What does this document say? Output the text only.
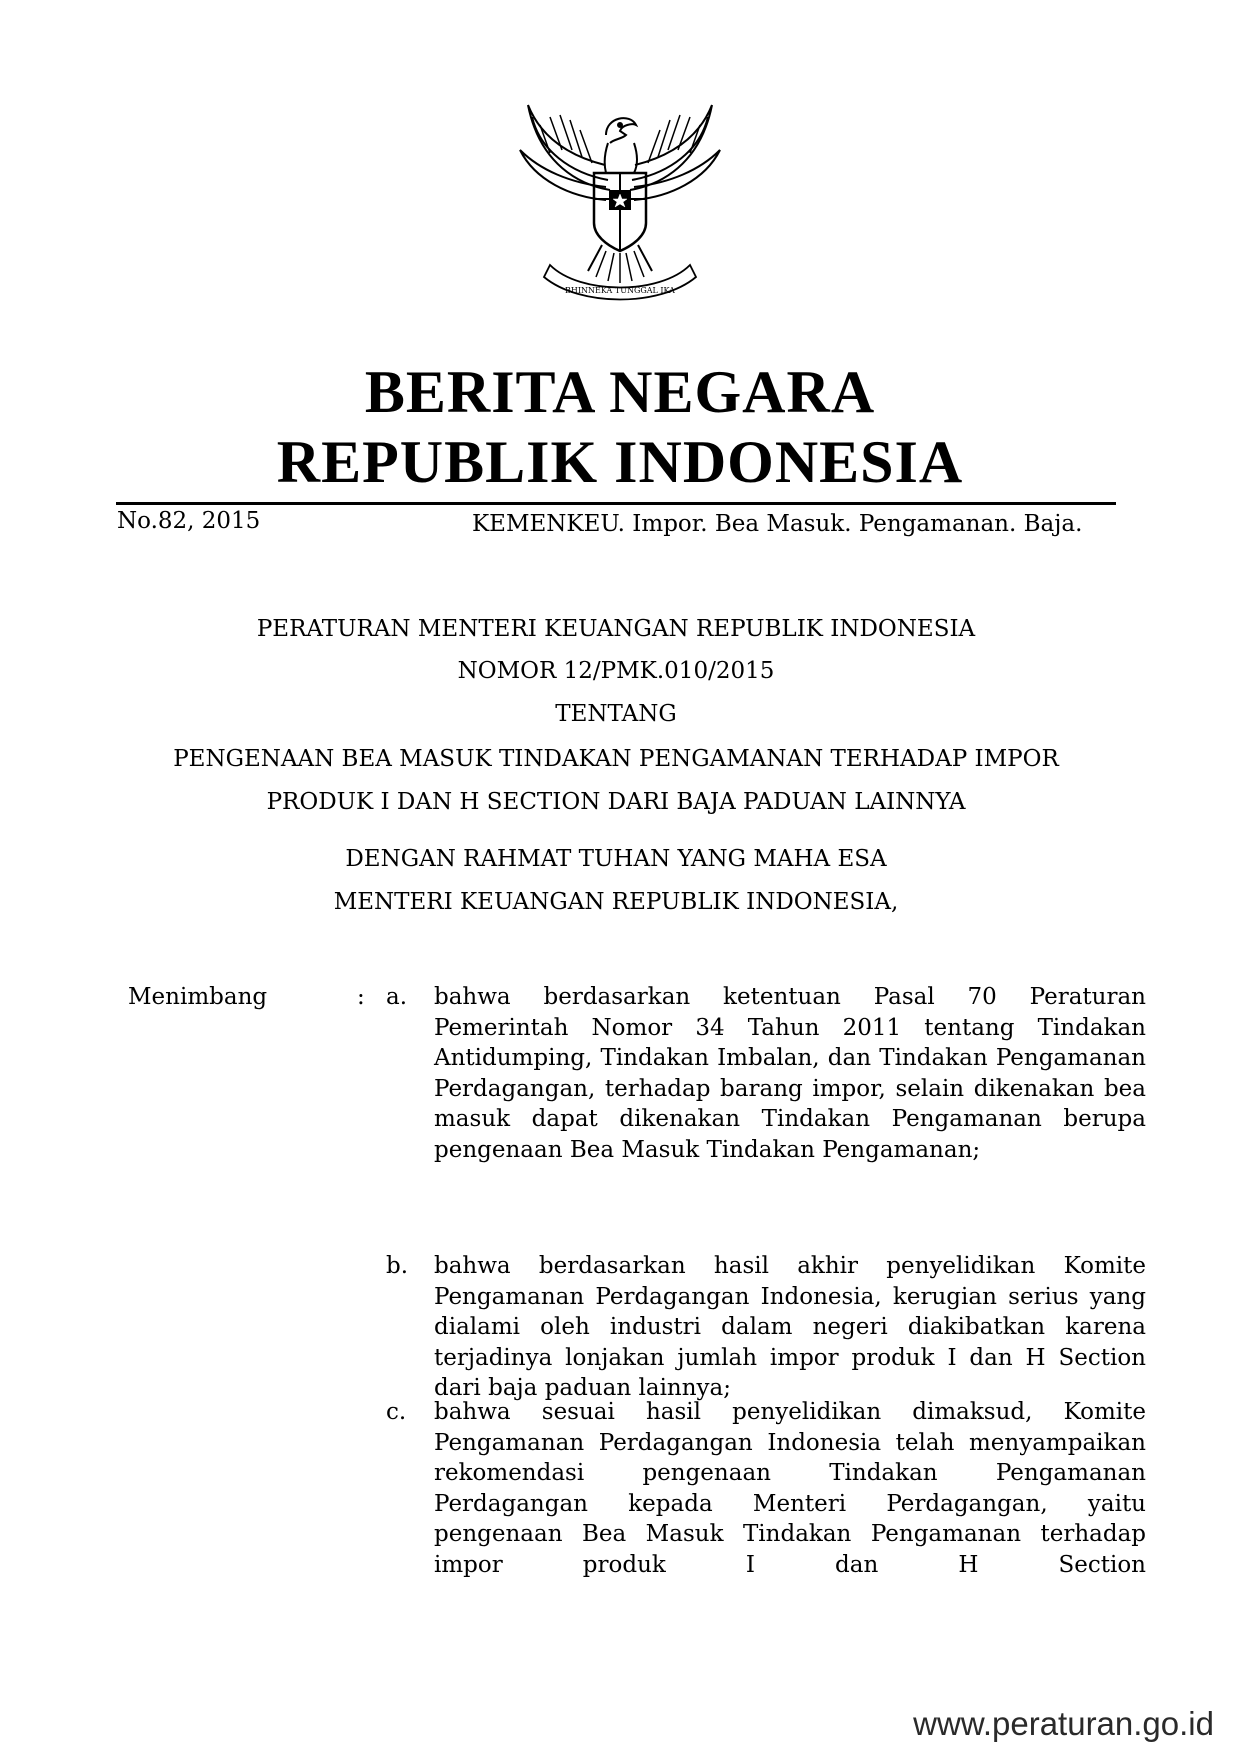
BHINNEKA TUNGGAL IKA
BERITA NEGARA
REPUBLIK INDONESIA
No.82, 2015	KEMENKEU. Impor. Bea Masuk. Pengamanan. Baja.
PERATURAN MENTERI KEUANGAN REPUBLIK INDONESIA
NOMOR 12/PMK.010/2015
TENTANG
PENGENAAN BEA MASUK TINDAKAN PENGAMANAN TERHADAP IMPOR
PRODUK I DAN H SECTION DARI BAJA PADUAN LAINNYA
DENGAN RAHMAT TUHAN YANG MAHA ESA
MENTERI KEUANGAN REPUBLIK INDONESIA,
Menimbang	: a.	bahwa berdasarkan ketentuan Pasal 70 Peraturan Pemerintah Nomor 34 Tahun 2011 tentang Tindakan Antidumping, Tindakan Imbalan, dan Tindakan Pengamanan Perdagangan, terhadap barang impor, selain dikenakan bea masuk dapat dikenakan Tindakan Pengamanan berupa pengenaan Bea Masuk Tindakan Pengamanan;
b.	bahwa berdasarkan hasil akhir penyelidikan Komite Pengamanan Perdagangan Indonesia, kerugian serius yang dialami oleh industri dalam negeri diakibatkan karena terjadinya lonjakan jumlah impor produk I dan H Section dari baja paduan lainnya;
c.	bahwa sesuai hasil penyelidikan dimaksud, Komite Pengamanan Perdagangan Indonesia telah menyampaikan rekomendasi pengenaan Tindakan Pengamanan Perdagangan kepada Menteri Perdagangan, yaitu pengenaan Bea Masuk Tindakan Pengamanan terhadap impor produk I dan H Section
www.peraturan.go.id
